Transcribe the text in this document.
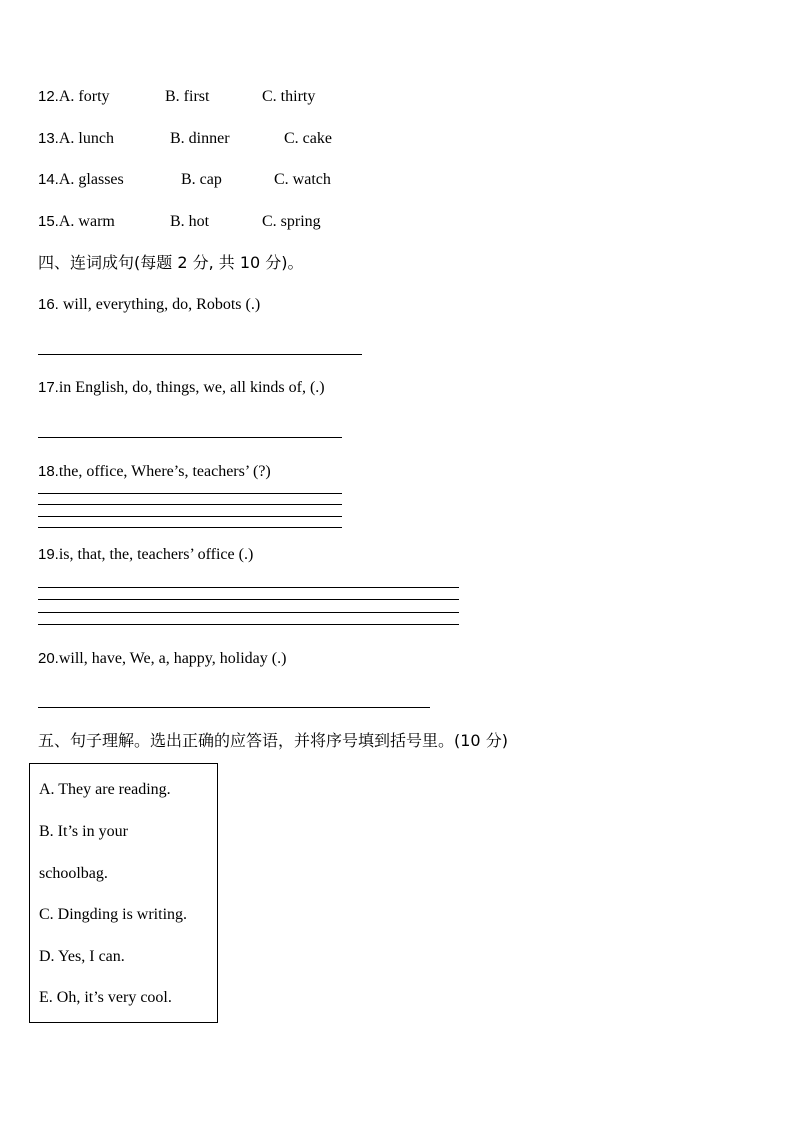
12.A. forty	B. first	C. thirty
13.A. lunch	B. dinner	C. cake
14.A. glasses	B. cap	C. watch
15.A. warm	B. hot	C. spring
四、连词成句(每题 2 分, 共 10 分)。
16. will, everything, do, Robots (.)
17.in English, do, things, we, all kinds of, (.)
18.the, office, Where’s, teachers’ (?)
19.is, that, the, teachers’ office (.)
20.will, have, We, a, happy, holiday (.)
五、句子理解。选出正确的应答语，并将序号填到括号里。(10 分)
A. They are reading.
B. It’s in your
schoolbag.
C. Dingding is writing.
D. Yes, I can.
E. Oh, it’s very cool.
